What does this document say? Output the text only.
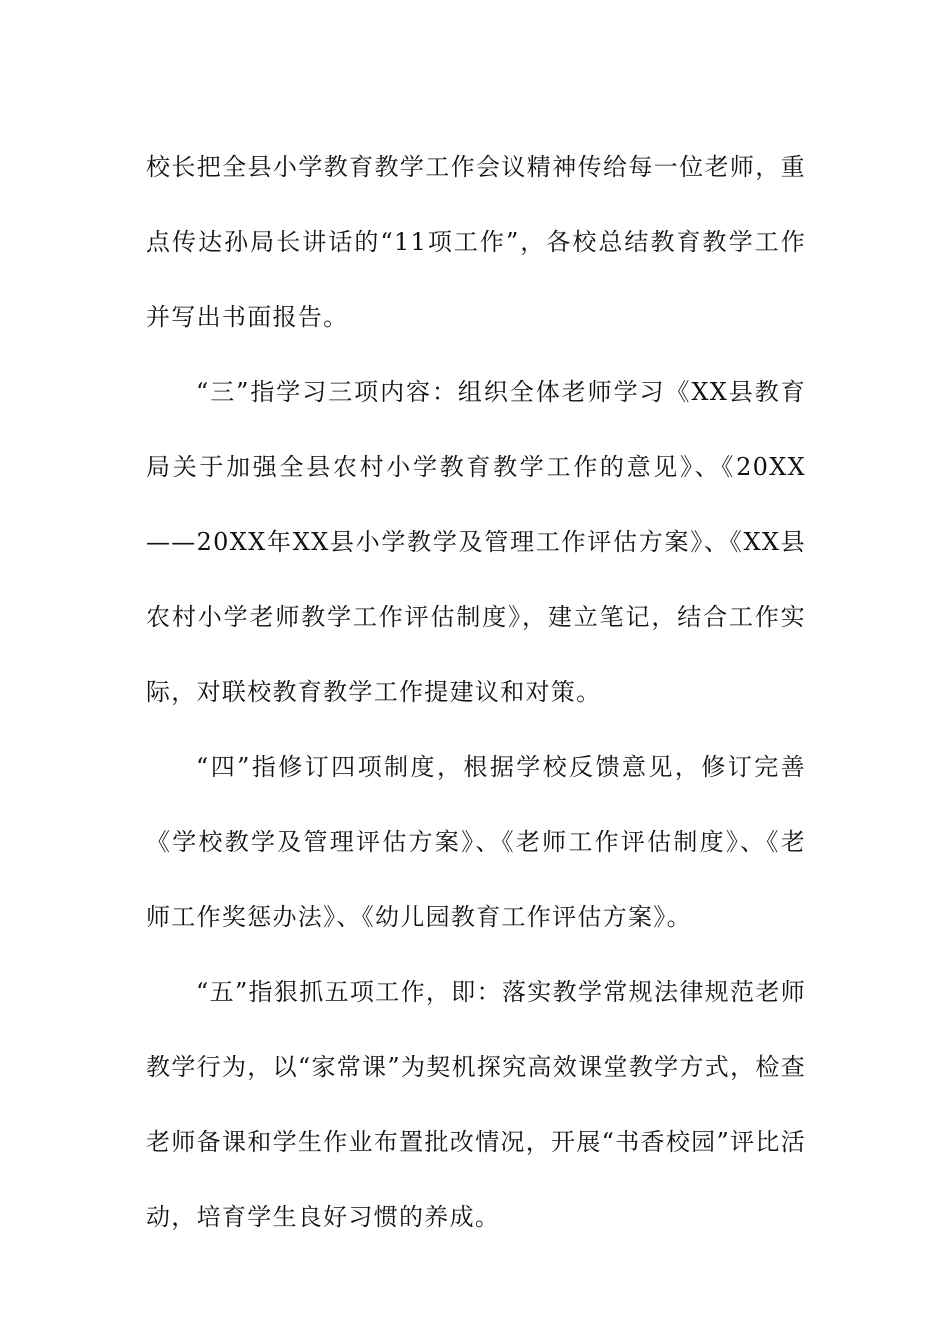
校长把全县小学教育教学工作会议精神传给每一位老师，重点传达孙局长讲话的“11项工作”，各校总结教育教学工作并写出书面报告。

“三”指学习三项内容：组织全体老师学习《XX县教育局关于加强全县农村小学教育教学工作的意见》、《20XX——20XX年XX县小学教学及管理工作评估方案》、《XX县农村小学老师教学工作评估制度》，建立笔记，结合工作实际，对联校教育教学工作提建议和对策。

“四”指修订四项制度，根据学校反馈意见，修订完善《学校教学及管理评估方案》、《老师工作评估制度》、《老师工作奖惩办法》、《幼儿园教育工作评估方案》。

“五”指狠抓五项工作，即：落实教学常规法律规范老师教学行为，以“家常课”为契机探究高效课堂教学方式，检查老师备课和学生作业布置批改情况，开展“书香校园”评比活动，培育学生良好习惯的养成。
